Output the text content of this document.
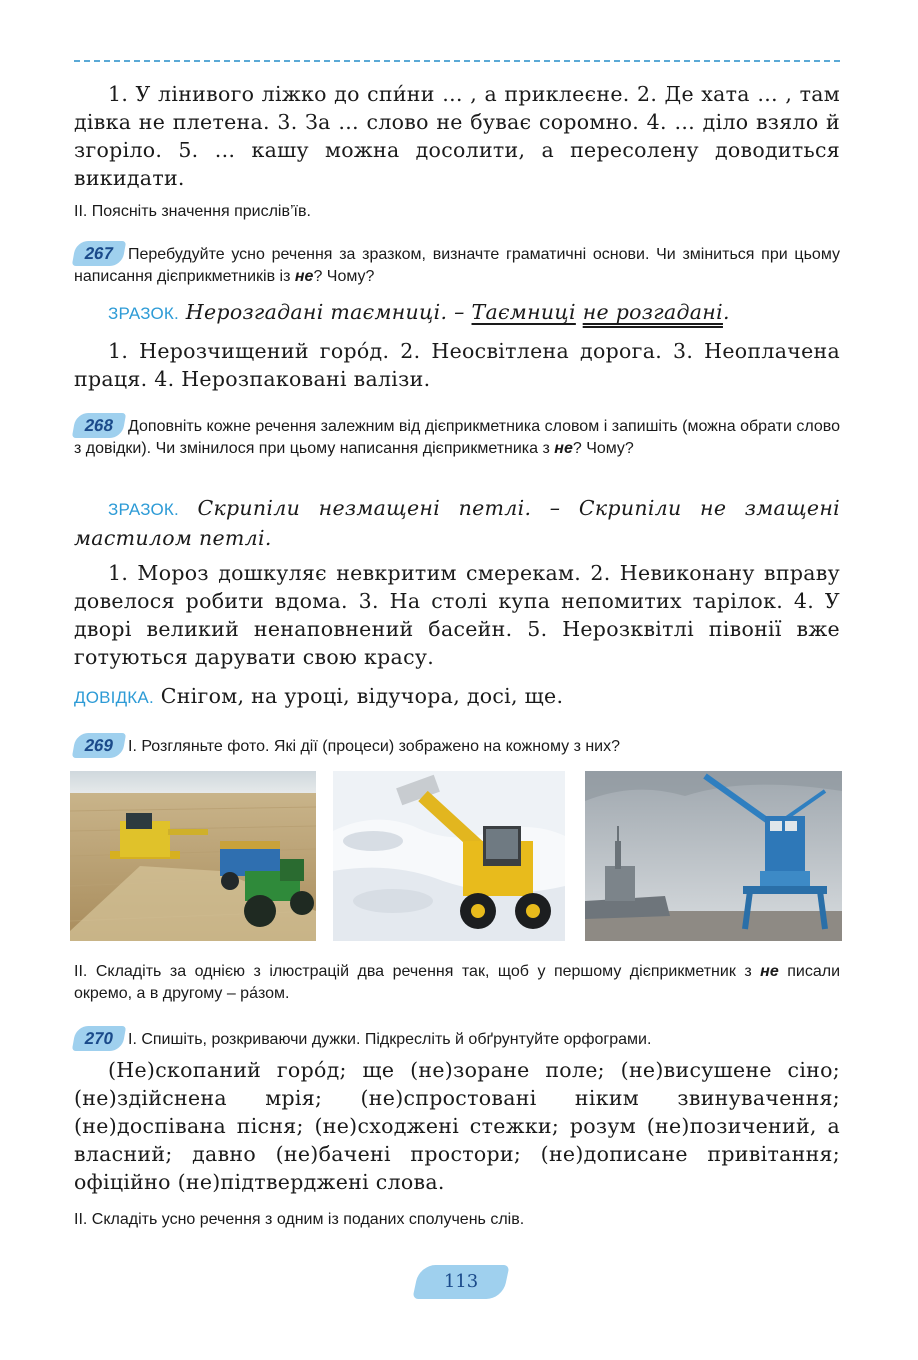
1. У лінивого ліжко до спи́ни … , а приклеєне. 2. Де хата … , там дівка не плетена. 3. За … слово не буває соромно. 4. … діло взяло й згоріло. 5. … кашу можна досолити, а пересолену доводиться викидати.

ІІ. Поясніть значення прислів’їв.

267 Перебудуйте усно речення за зразком, визначте граматичні основи. Чи зміниться при цьому написання дієприкметників із не? Чому?

ЗРАЗОК. Нерозгадані таємниці. – Таємниці не розгадані.

1. Нерозчищений горо́д. 2. Неосвітлена дорога. 3. Неоплачена праця. 4. Нерозпаковані валізи.

268 Доповніть кожне речення залежним від дієприкметника словом і запишіть (можна обрати слово з довідки). Чи змінилося при цьому написання дієприкметника з не? Чому?

ЗРАЗОК. Скрипіли незмащені петлі. – Скрипіли не змащені мастилом петлі.

1. Мороз дошкуляє невкритим смерекам. 2. Невиконану вправу довелося робити вдома. 3. На столі купа непомитих тарілок. 4. У дворі великий ненаповнений басейн. 5. Нерозквітлі півонії вже готуються дарувати свою красу.

ДОВІДКА. Снігом, на уроці, відучора, досі, ще.

269 І. Розгляньте фото. Які дії (процеси) зображено на кожному з них?

ІІ. Складіть за однією з ілюстрацій два речення так, щоб у першому дієприкметник з не писали окремо, а в другому – ра́зом.

270 І. Спишіть, розкриваючи дужки. Підкресліть й обґрунтуйте орфограми.

(Не)скопаний горо́д; ще (не)зоране поле; (не)висушене сіно; (не)здійснена мрія; (не)спростовані ніким звинувачення; (не)доспівана пісня; (не)сходжені стежки; розум (не)позичений, а власний; давно (не)бачені простори; (не)дописане привітання; офіційно (не)підтверджені слова.

ІІ. Складіть усно речення з одним із поданих сполучень слів.

113
